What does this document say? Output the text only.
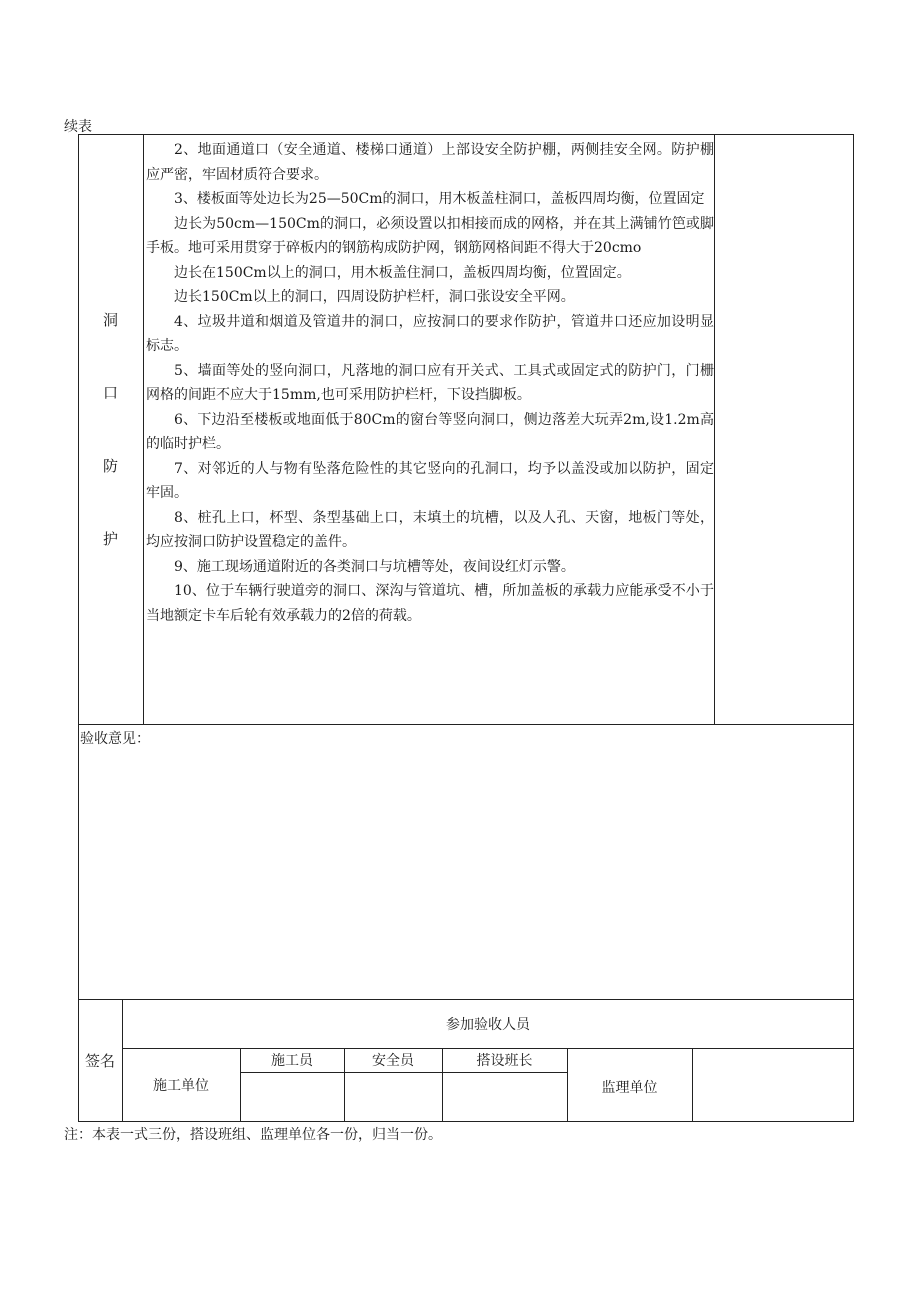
续表
洞
口
防
护

2、地面通道口（安全通道、楼梯口通道）上部设安全防护棚，两侧挂安全网。防护棚应严密，牢固材质符合要求。

3、楼板面等处边长为25—50Cm的洞口，用木板盖柱洞口，盖板四周均衡，位置固定

边长为50cm—150Cm的洞口，必须设置以扣相接而成的网格，并在其上满铺竹笆或脚手板。地可采用贯穿于碎板内的钢筋构成防护网，钢筋网格间距不得大于20cmo

边长在150Cm以上的洞口，用木板盖住洞口，盖板四周均衡，位置固定。

边长150Cm以上的洞口，四周设防护栏杆，洞口张设安全平网。

4、垃圾井道和烟道及管道井的洞口，应按洞口的要求作防护，管道井口还应加设明显标志。

5、墙面等处的竖向洞口，凡落地的洞口应有开关式、工具式或固定式的防护门，门栅网格的间距不应大于15mm,也可采用防护栏杆，下设挡脚板。

6、下边沿至楼板或地面低于80Cm的窗台等竖向洞口，侧边落差大玩弄2m,设1.2m高的临时护栏。

7、对邻近的人与物有坠落危险性的其它竖向的孔洞口，均予以盖没或加以防护，固定牢固。

8、桩孔上口，杯型、条型基础上口，末填土的坑槽，以及人孔、天窗，地板门等处，均应按洞口防护设置稳定的盖件。

9、施工现场通道附近的各类洞口与坑槽等处，夜间设红灯示警。

10、位于车辆行驶道旁的洞口、深沟与管道坑、槽，所加盖板的承载力应能承受不小于当地额定卡车后轮有效承载力的2倍的荷载。

验收意见：
签名
参加验收人员
施工单位
施工员	安全员	搭设班长
监理单位
注：本表一式三份，搭设班组、监理单位各一份，归当一份。
